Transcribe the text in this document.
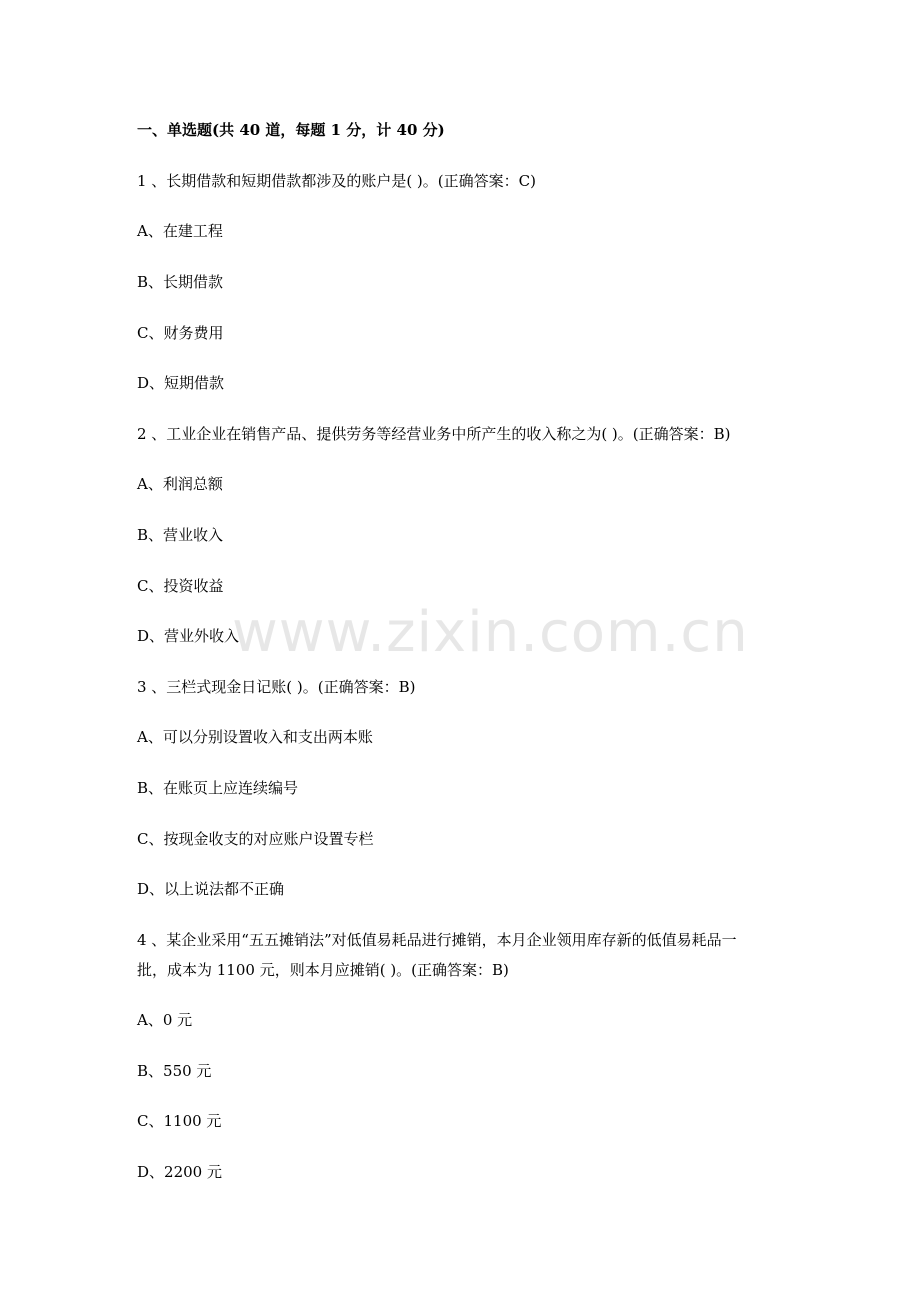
一、单选题(共 40 道，每题 1 分，计 40 分)

1 、长期借款和短期借款都涉及的账户是( )。(正确答案：C)

A、在建工程

B、长期借款

C、财务费用

D、短期借款

2 、工业企业在销售产品、提供劳务等经营业务中所产生的收入称之为( )。(正确答案：B)

A、利润总额

B、营业收入

C、投资收益

D、营业外收入

3 、三栏式现金日记账( )。(正确答案：B)

A、可以分别设置收入和支出两本账

B、在账页上应连续编号

C、按现金收支的对应账户设置专栏

D、以上说法都不正确

4 、某企业采用“五五摊销法”对低值易耗品进行摊销，本月企业领用库存新的低值易耗品一

批，成本为 1100 元，则本月应摊销( )。(正确答案：B)

A、0 元

B、550 元

C、1100 元

D、2200 元

www.zixin.com.cn
